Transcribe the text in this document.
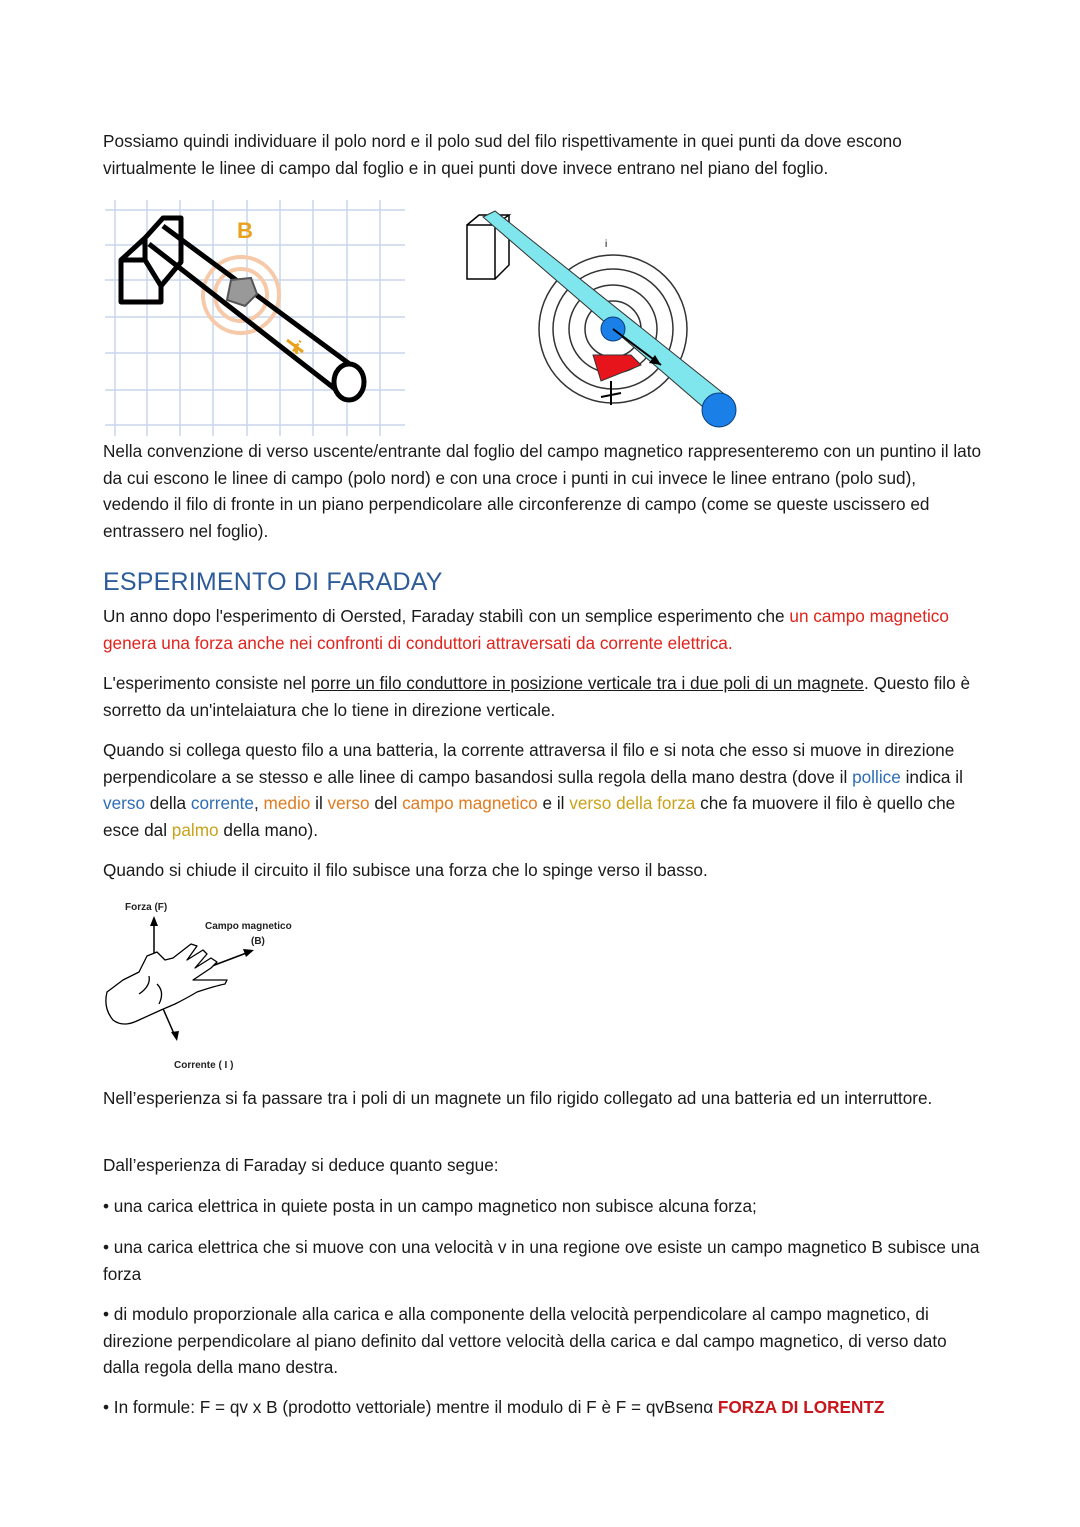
Possiamo quindi individuare il polo nord e il polo sud del filo rispettivamente in quei punti da dove escono virtualmente le linee di campo dal foglio e in quei punti dove invece entrano nel piano del foglio.

B
i
i

Nella convenzione di verso uscente/entrante dal foglio del campo magnetico rappresenteremo con un puntino il lato da cui escono le linee di campo (polo nord) e con una croce i punti in cui invece le linee entrano (polo sud), vedendo il filo di fronte in un piano perpendicolare alle circonferenze di campo (come se queste uscissero ed entrassero nel foglio).

ESPERIMENTO DI FARADAY

Un anno dopo l'esperimento di Oersted, Faraday stabilì con un semplice esperimento che un campo magnetico genera una forza anche nei confronti di conduttori attraversati da corrente elettrica.

L'esperimento consiste nel porre un filo conduttore in posizione verticale tra i due poli di un magnete. Questo filo è sorretto da un'intelaiatura che lo tiene in direzione verticale.

Quando si collega questo filo a una batteria, la corrente attraversa il filo e si nota che esso si muove in direzione perpendicolare a se stesso e alle linee di campo basandosi sulla regola della mano destra (dove il pollice indica il verso della corrente, medio il verso del campo magnetico e il verso della forza che fa muovere il filo è quello che esce dal palmo della mano).

Quando si chiude il circuito il filo subisce una forza che lo spinge verso il basso.

Forza (F)
Campo magnetico
(B)
Corrente ( I )

Nell’esperienza si fa passare tra i poli di un magnete un filo rigido collegato ad una batteria ed un interruttore.

Dall’esperienza di Faraday si deduce quanto segue:

• una carica elettrica in quiete posta in un campo magnetico non subisce alcuna forza;

• una carica elettrica che si muove con una velocità v in una regione ove esiste un campo magnetico B subisce una forza

• di modulo proporzionale alla carica e alla componente della velocità perpendicolare al campo magnetico, di direzione perpendicolare al piano definito dal vettore velocità della carica e dal campo magnetico, di verso dato dalla regola della mano destra.

• In formule: F = qv x B (prodotto vettoriale) mentre il modulo di F è F = qvBsenα FORZA DI LORENTZ
